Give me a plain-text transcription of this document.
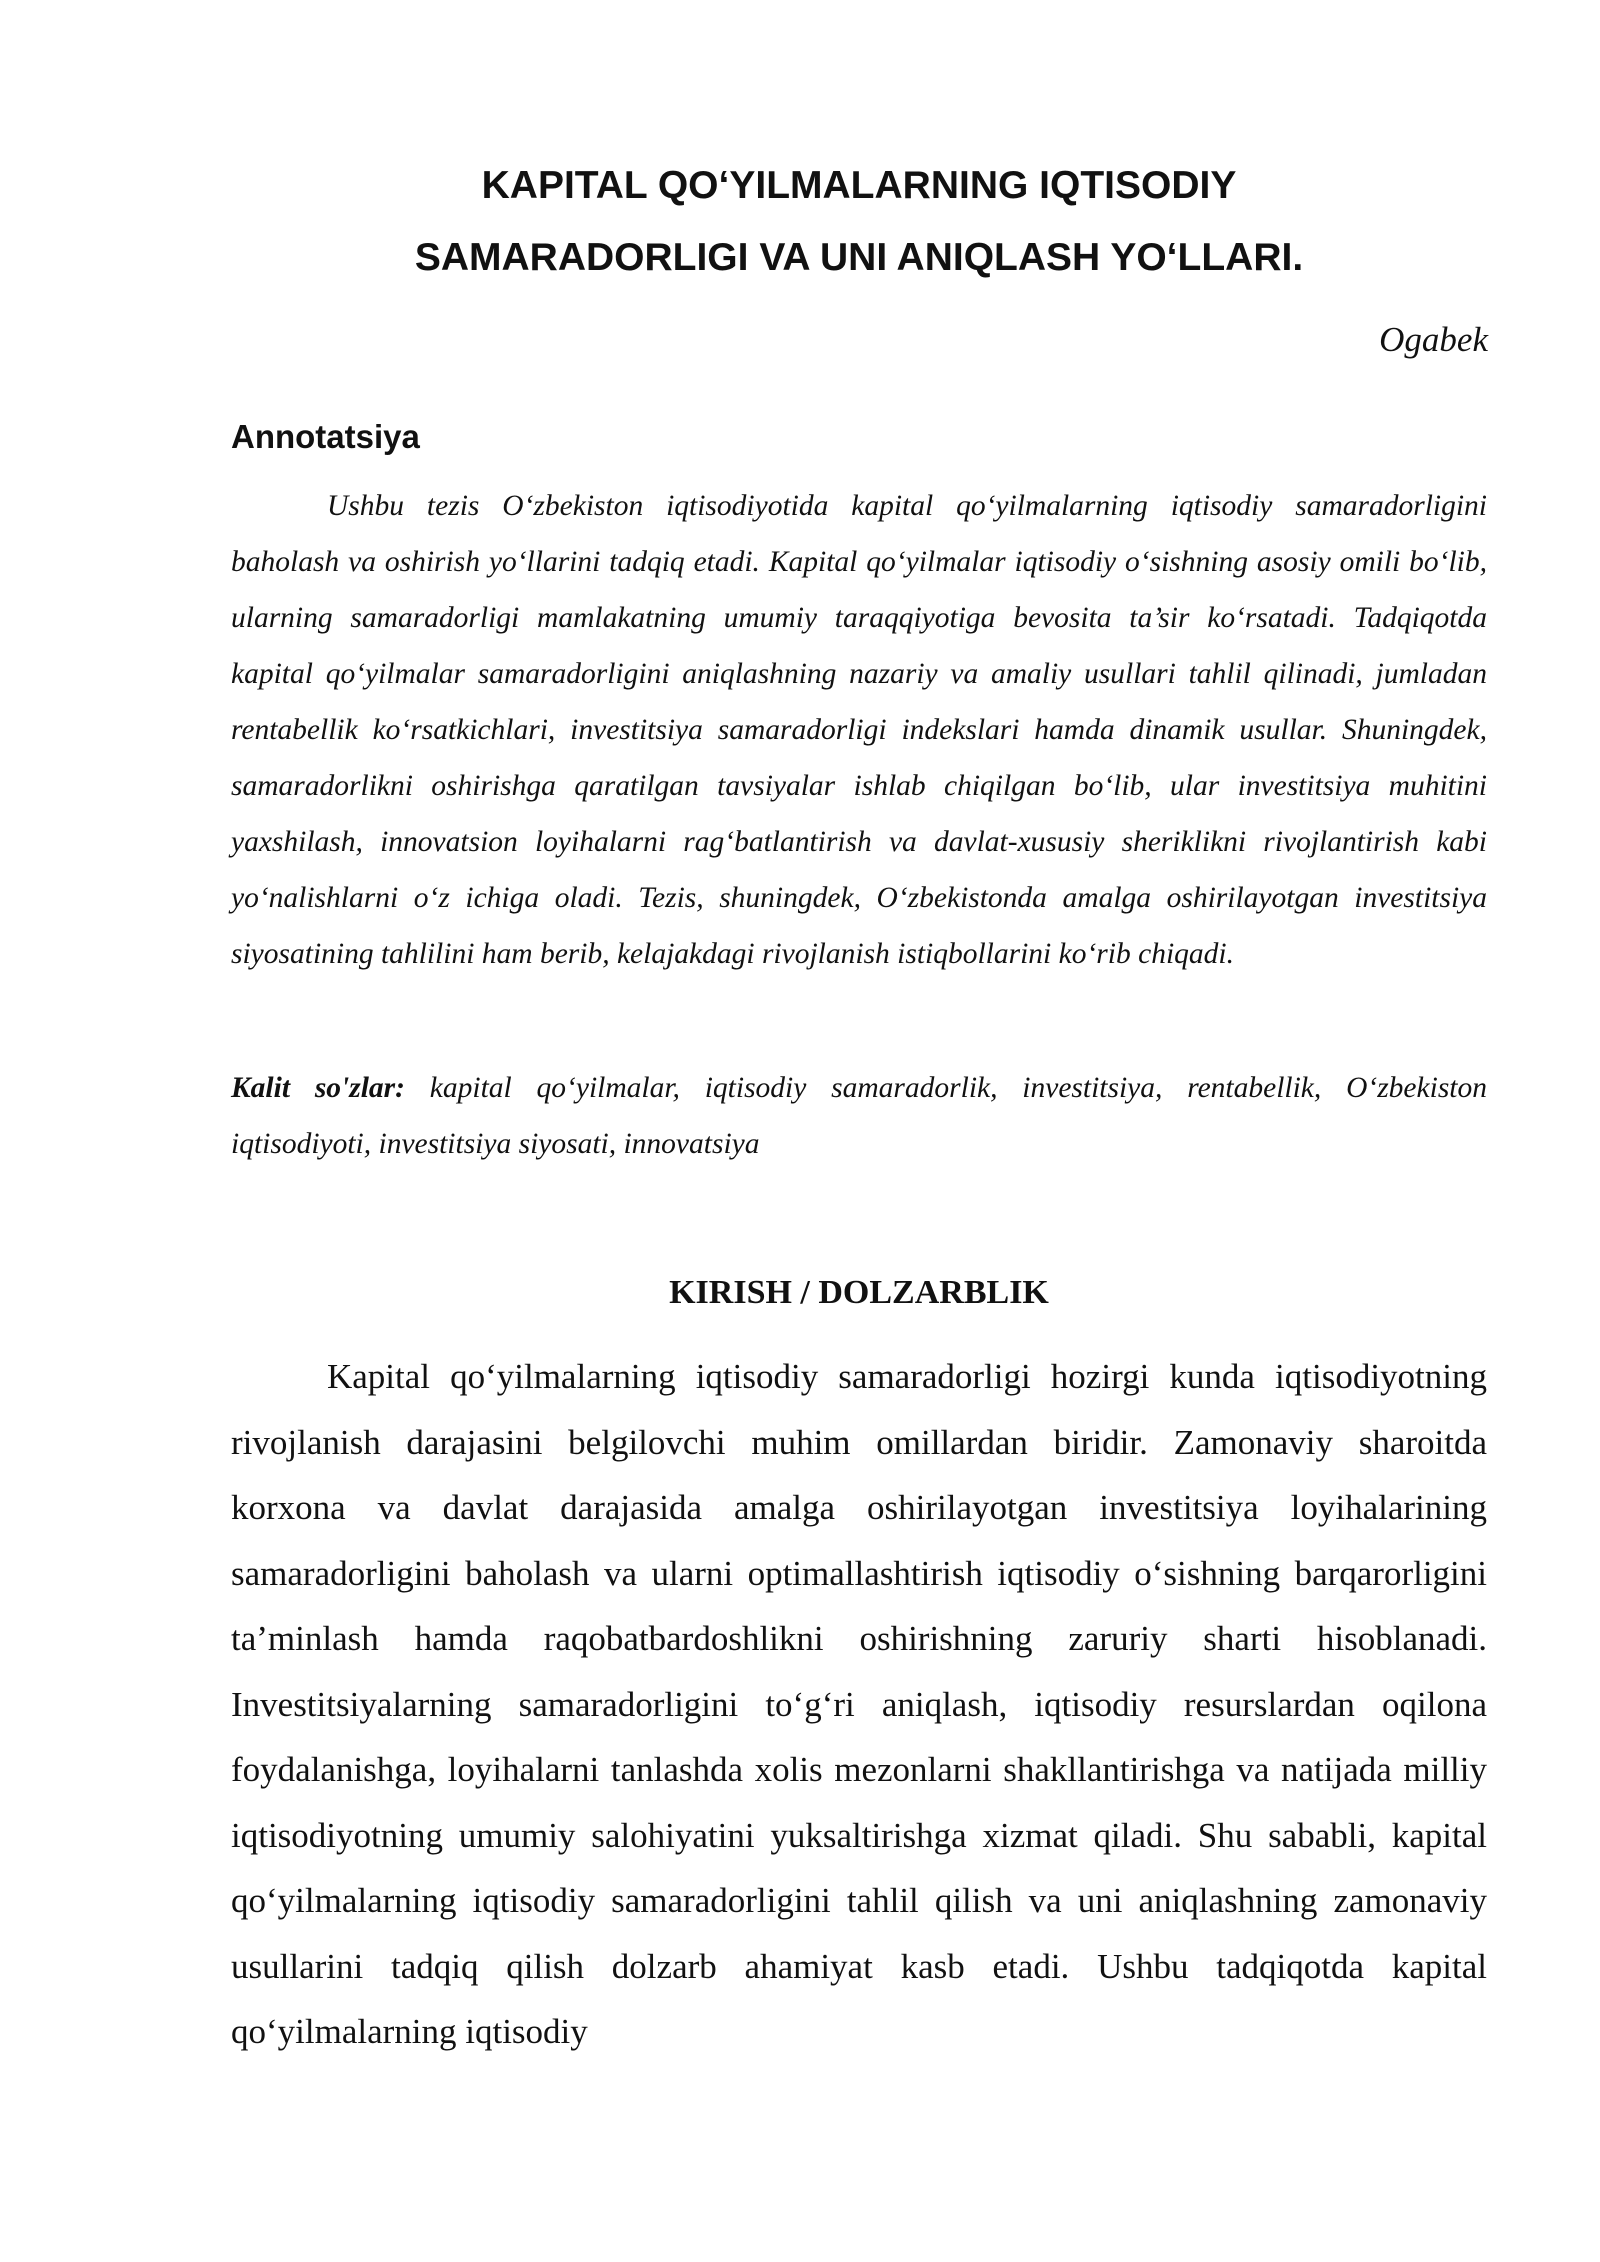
KAPITAL QO‘YILMALARNING IQTISODIY
SAMARADORLIGI VA UNI ANIQLASH YO‘LLARI.
Ogabek
Annotatsiya

Ushbu tezis O‘zbekiston iqtisodiyotida kapital qo‘yilmalarning iqtisodiy samaradorligini baholash va oshirish yo‘llarini tadqiq etadi. Kapital qo‘yilmalar iqtisodiy o‘sishning asosiy omili bo‘lib, ularning samaradorligi mamlakatning umumiy taraqqiyotiga bevosita ta’sir ko‘rsatadi. Tadqiqotda kapital qo‘yilmalar samaradorligini aniqlashning nazariy va amaliy usullari tahlil qilinadi, jumladan rentabellik ko‘rsatkichlari, investitsiya samaradorligi indekslari hamda dinamik usullar. Shuningdek, samaradorlikni oshirishga qaratilgan tavsiyalar ishlab chiqilgan bo‘lib, ular investitsiya muhitini yaxshilash, innovatsion loyihalarni rag‘batlantirish va davlat-xususiy sheriklikni rivojlantirish kabi yo‘nalishlarni o‘z ichiga oladi. Tezis, shuningdek, O‘zbekistonda amalga oshirilayotgan investitsiya siyosatining tahlilini ham berib, kelajakdagi rivojlanish istiqbollarini ko‘rib chiqadi.

Kalit so'zlar: kapital qo‘yilmalar, iqtisodiy samaradorlik, investitsiya, rentabellik, O‘zbekiston iqtisodiyoti, investitsiya siyosati, innovatsiya

KIRISH / DOLZARBLIK

Kapital qo‘yilmalarning iqtisodiy samaradorligi hozirgi kunda iqtisodiyotning rivojlanish darajasini belgilovchi muhim omillardan biridir. Zamonaviy sharoitda korxona va davlat darajasida amalga oshirilayotgan investitsiya loyihalarining samaradorligini baholash va ularni optimallashtirish iqtisodiy o‘sishning barqarorligini ta’minlash hamda raqobatbardoshlikni oshirishning zaruriy sharti hisoblanadi. Investitsiyalarning samaradorligini to‘g‘ri aniqlash, iqtisodiy resurslardan oqilona foydalanishga, loyihalarni tanlashda xolis mezonlarni shakllantirishga va natijada milliy iqtisodiyotning umumiy salohiyatini yuksaltirishga xizmat qiladi. Shu sababli, kapital qo‘yilmalarning iqtisodiy samaradorligini tahlil qilish va uni aniqlashning zamonaviy usullarini tadqiq qilish dolzarb ahamiyat kasb etadi. Ushbu tadqiqotda kapital qo‘yilmalarning iqtisodiy
